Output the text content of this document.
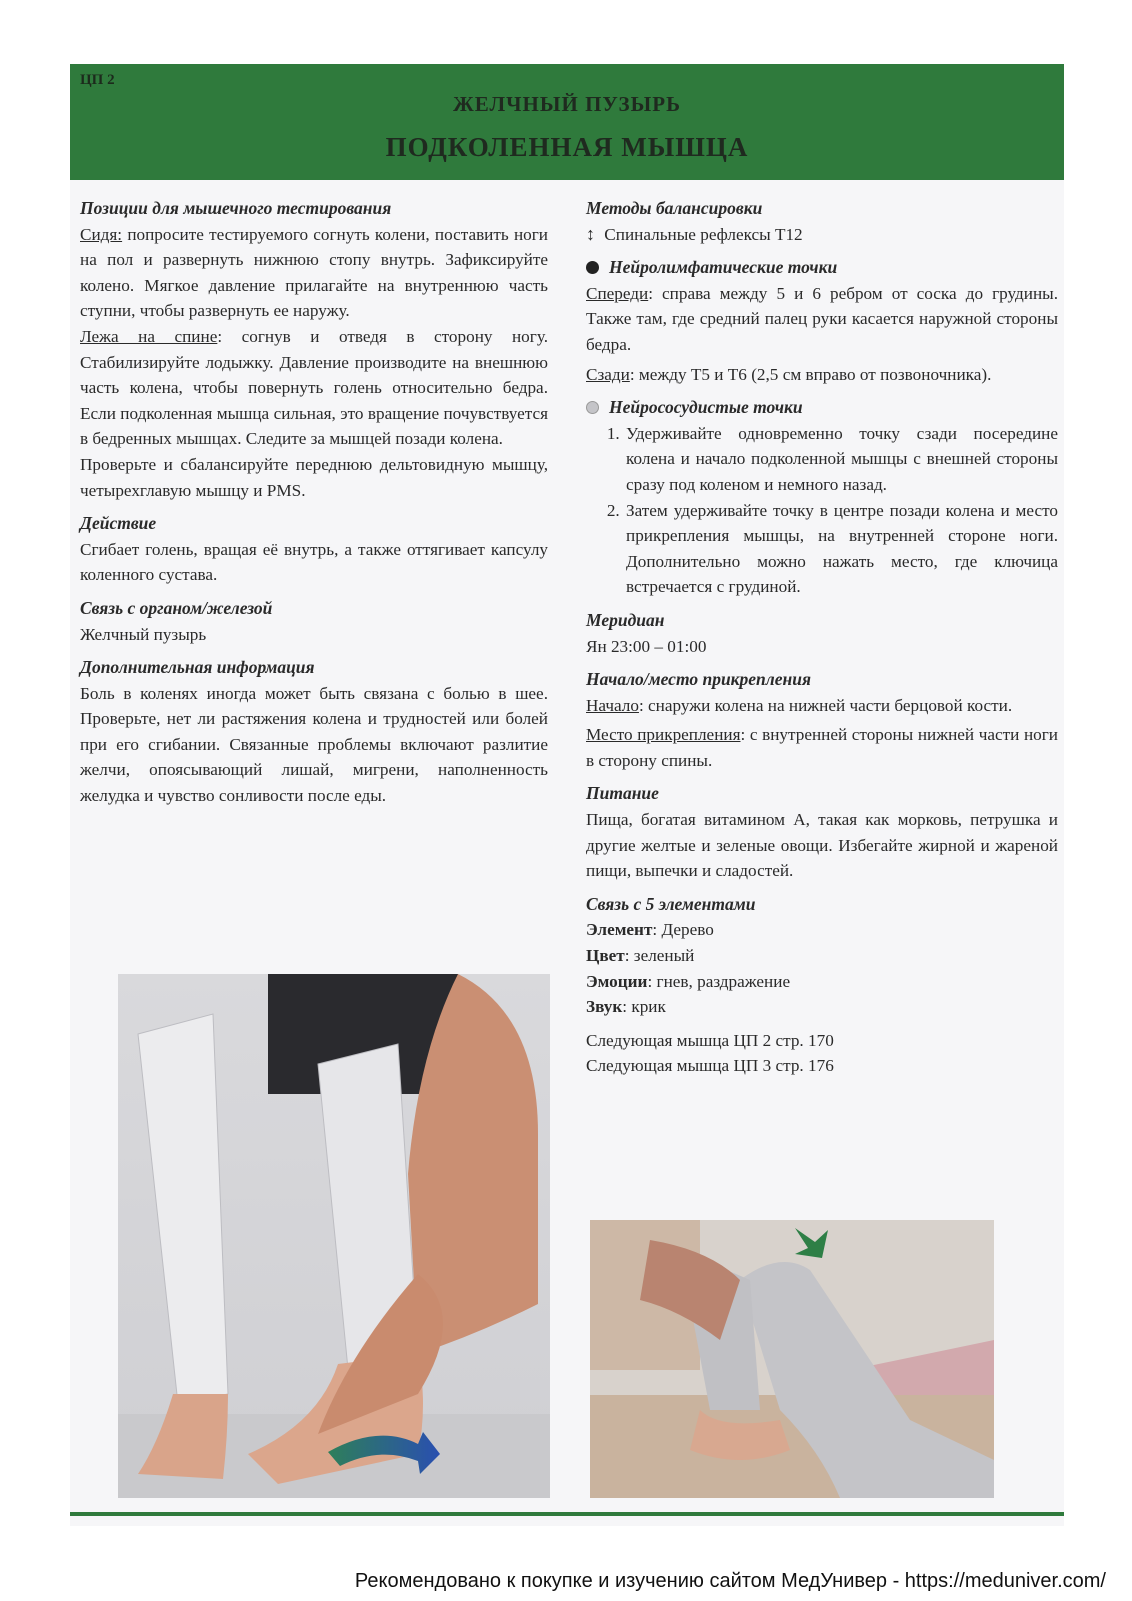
ЦП 2
ЖЕЛЧНЫЙ ПУЗЫРЬ
ПОДКОЛЕННАЯ МЫШЦА
Позиции для мышечного тестирования

Сидя: попросите тестируемого согнуть колени, поставить ноги на пол и развернуть нижнюю стопу внутрь. Зафиксируйте колено. Мягкое давление прилагайте на внутреннюю часть ступни, чтобы развернуть ее наружу.

Лежа на спине: согнув и отведя в сторону ногу. Стабилизируйте лодыжку. Давление производите на внешнюю часть колена, чтобы повернуть голень относительно бедра. Если подколенная мышца сильная, это вращение почувствуется в бедренных мышцах. Следите за мышцей позади колена.

Проверьте и сбалансируйте переднюю дельтовидную мышцу, четырехглавую мышцу и PMS.

Действие

Сгибает голень, вращая её внутрь, а также оттягивает капсулу коленного сустава.

Связь с органом/железой

Желчный пузырь

Дополнительная информация

Боль в коленях иногда может быть связана с болью в шее. Проверьте, нет ли растяжения колена и трудностей или болей при его сгибании. Связанные проблемы включают разлитие желчи, опоясывающий лишай, мигрени, наполненность желудка и чувство сонливости после еды.

Методы балансировки
↕ Спинальные рефлексы Т12
Нейролимфатические точки

Спереди: справа между 5 и 6 ребром от соска до грудины. Также там, где средний палец руки касается наружной стороны бедра.

Сзади: между Т5 и Т6 (2,5 см вправо от позвоночника).

Нейрососудистые точки
1. Удерживайте одновременно точку сзади посередине колена и начало подколенной мышцы с внешней стороны сразу под коленом и немного назад.
2. Затем удерживайте точку в центре позади колена и место прикрепления мышцы, на внутренней стороне ноги. Дополнительно можно нажать место, где ключица встречается с грудиной.
Меридиан

Ян 23:00 – 01:00

Начало/место прикрепления

Начало: снаружи колена на нижней части берцовой кости.

Место прикрепления: с внутренней стороны нижней части ноги в сторону спины.

Питание

Пища, богатая витамином А, такая как морковь, петрушка и другие желтые и зеленые овощи. Избегайте жирной и жареной пищи, выпечки и сладостей.

Связь с 5 элементами
Элемент: Дерево
Цвет: зеленый
Эмоции: гнев, раздражение
Звук: крик
Следующая мышца ЦП 2 стр. 170
Следующая мышца ЦП 3 стр. 176
Рекомендовано к покупке и изучению сайтом МедУнивер - https://meduniver.com/
